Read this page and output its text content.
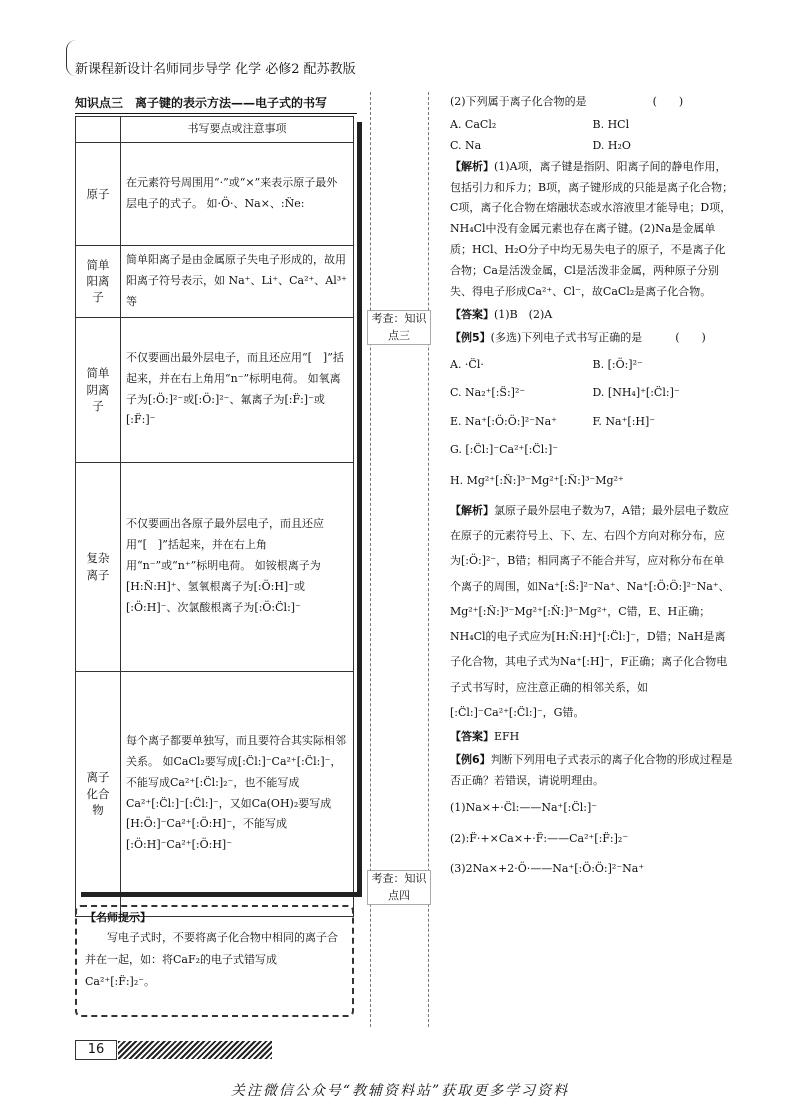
新课程新设计名师同步导学 化学 必修2 配苏教版
知识点三　离子键的表示方法——电子式的书写
	书写要点或注意事项
原子	在元素符号周围用“·”或“×”来表示原子最外层电子的式子。 如·Ö·、Na×、:N̈e:
简单阳离子	简单阳离子是由金属原子失电子形成的，故用阳离子符号表示，如 Na⁺、Li⁺、Ca²⁺、Al³⁺等
简单阴离子	不仅要画出最外层电子，而且还应用“[　]”括起来，并在右上角用“n⁻”标明电荷。 如氧离子为[:Ö:]²⁻或[:Ö:]²⁻、氟离子为[:F̈:]⁻或[:F̈:]⁻
复杂离子	不仅要画出各原子最外层电子，而且还应用“[　]”括起来，并在右上角用“n⁻”或“n⁺”标明电荷。 如铵根离子为[H:N̈:H]⁺、氢氧根离子为[:Ö:H]⁻或[:Ö:H]⁻、次氯酸根离子为[:Ö:C̈l:]⁻
离子化合物	每个离子都要单独写，而且要符合其实际相邻关系。 如CaCl₂要写成[:C̈l:]⁻Ca²⁺[:C̈l:]⁻，不能写成Ca²⁺[:C̈l:]₂⁻，也不能写成Ca²⁺[:C̈l:]⁻[:C̈l:]⁻，又如Ca(OH)₂要写成[H:Ö:]⁻Ca²⁺[:Ö:H]⁻，不能写成[:Ö:H]⁻Ca²⁺[:Ö:H]⁻
【名师提示】

写电子式时，不要将离子化合物中相同的离子合并在一起，如：将CaF₂的电子式错写成Ca²⁺[:F̈:]₂⁻。

考查：知识点三
考查：知识点四

(2)下列属于离子化合物的是　　　　　　(　　)

A. CaCl₂	B. HCl
C. Na	D. H₂O

【解析】(1)A项，离子键是指阴、阳离子间的静电作用，包括引力和斥力；B项，离子键形成的只能是离子化合物；C项，离子化合物在熔融状态或水溶液里才能导电；D项，NH₄Cl中没有金属元素也存在离子键。(2)Na是金属单质；HCl、H₂O分子中均无易失电子的原子，不是离子化合物；Ca是活泼金属，Cl是活泼非金属，两种原子分别失、得电子形成Ca²⁺、Cl⁻，故CaCl₂是离子化合物。

【答案】(1)B　(2)A

【例5】(多选)下列电子式书写正确的是　　　(　　)

A. ·C̈l·	B. [:Ö:]²⁻
C. Na₂⁺[:S̈:]²⁻	D. [NH₄]⁺[:C̈l:]⁻
E. Na⁺[:Ö:Ö:]²⁻Na⁺	F. Na⁺[:H]⁻

G. [:C̈l:]⁻Ca²⁺[:C̈l:]⁻

H. Mg²⁺[:N̈:]³⁻Mg²⁺[:N̈:]³⁻Mg²⁺

【解析】氯原子最外层电子数为7，A错；最外层电子数应在原子的元素符号上、下、左、右四个方向对称分布，应为[:Ö:]²⁻，B错；相同离子不能合并写，应对称分布在单个离子的周围，如Na⁺[:S̈:]²⁻Na⁺、Na⁺[:Ö:Ö:]²⁻Na⁺、Mg²⁺[:N̈:]³⁻Mg²⁺[:N̈:]³⁻Mg²⁺，C错，E、H正确；NH₄Cl的电子式应为[H:N̈:H]⁺[:C̈l:]⁻，D错；NaH是离子化合物，其电子式为Na⁺[:H]⁻，F正确；离子化合物电子式书写时，应注意正确的相邻关系，如[:C̈l:]⁻Ca²⁺[:C̈l:]⁻，G错。

【答案】EFH

【例6】判断下列用电子式表示的离子化合物的形成过程是否正确？若错误，请说明理由。

(1)Na×+·C̈l:——Na⁺[:C̈l:]⁻

(2):F̈·+×Ca×+·F̈:——Ca²⁺[:F̈:]₂⁻

(3)2Na×+2·Ö·——Na⁺[:Ö:Ö:]²⁻Na⁺

16
关注微信公众号“教辅资料站”获取更多学习资料
